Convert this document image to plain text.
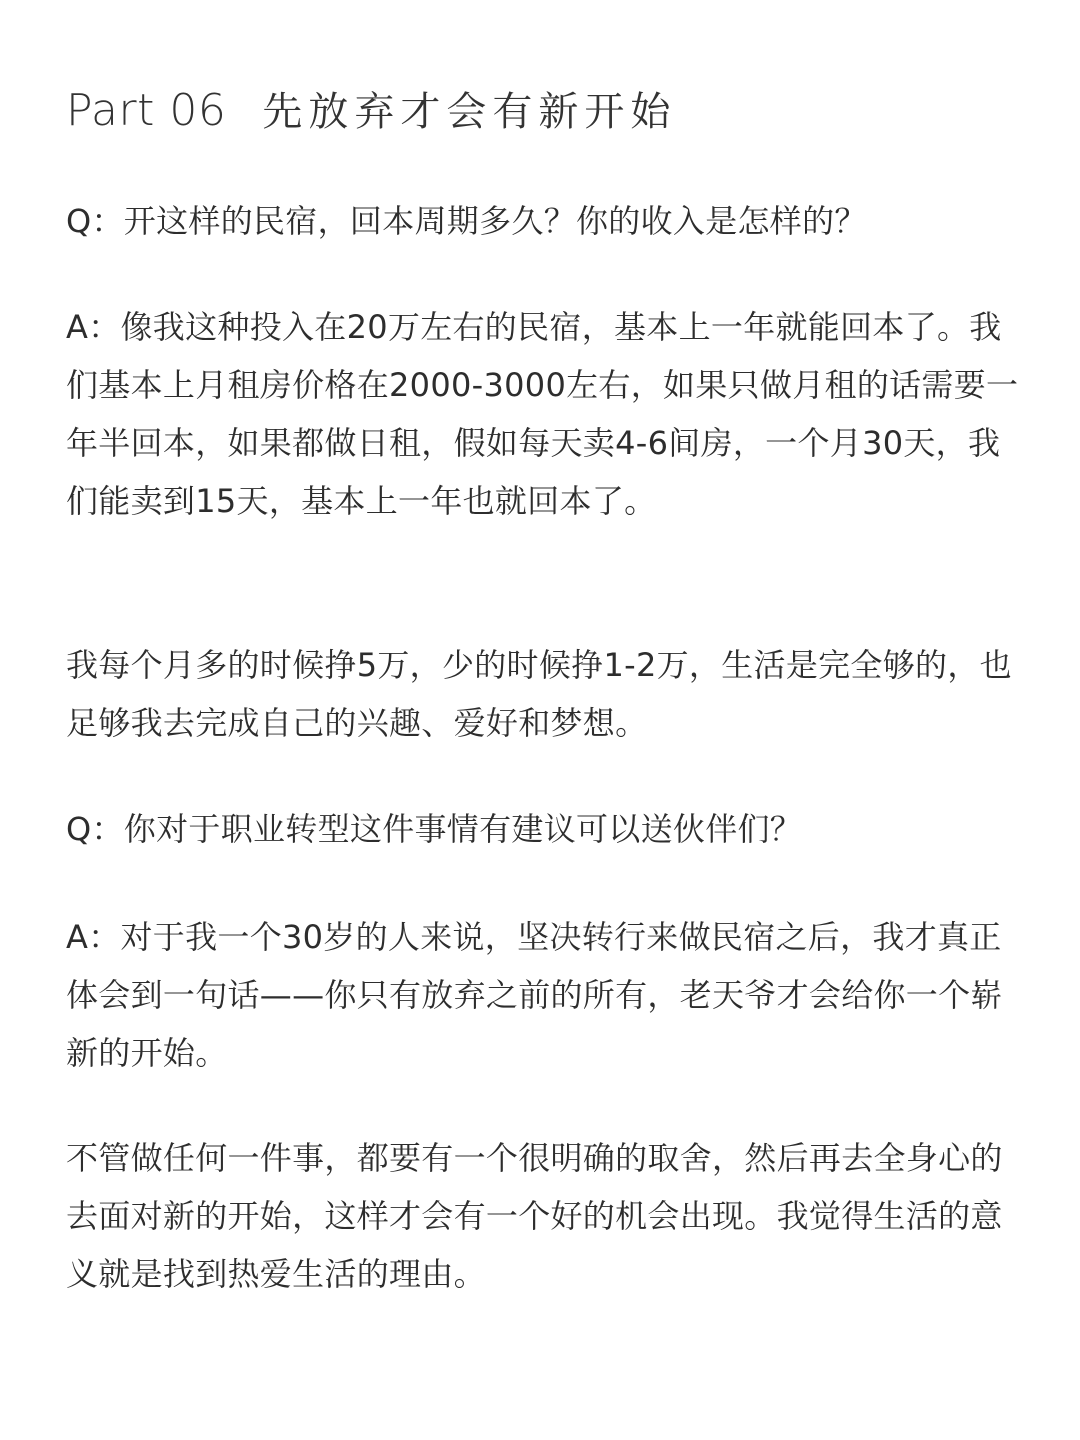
Part 06 先放弃才会有新开始

Q：开这样的民宿，回本周期多久？你的收入是怎样的？

A：像我这种投入在20万左右的民宿，基本上一年就能回本了。我们基本上月租房价格在2000-3000左右，如果只做月租的话需要一年半回本，如果都做日租，假如每天卖4-6间房，一个月30天，我们能卖到15天，基本上一年也就回本了。

我每个月多的时候挣5万，少的时候挣1-2万，生活是完全够的，也足够我去完成自己的兴趣、爱好和梦想。

Q：你对于职业转型这件事情有建议可以送伙伴们？

A：对于我一个30岁的人来说，坚决转行来做民宿之后，我才真正体会到一句话——你只有放弃之前的所有，老天爷才会给你一个崭新的开始。

不管做任何一件事，都要有一个很明确的取舍，然后再去全身心的去面对新的开始，这样才会有一个好的机会出现。我觉得生活的意义就是找到热爱生活的理由。
